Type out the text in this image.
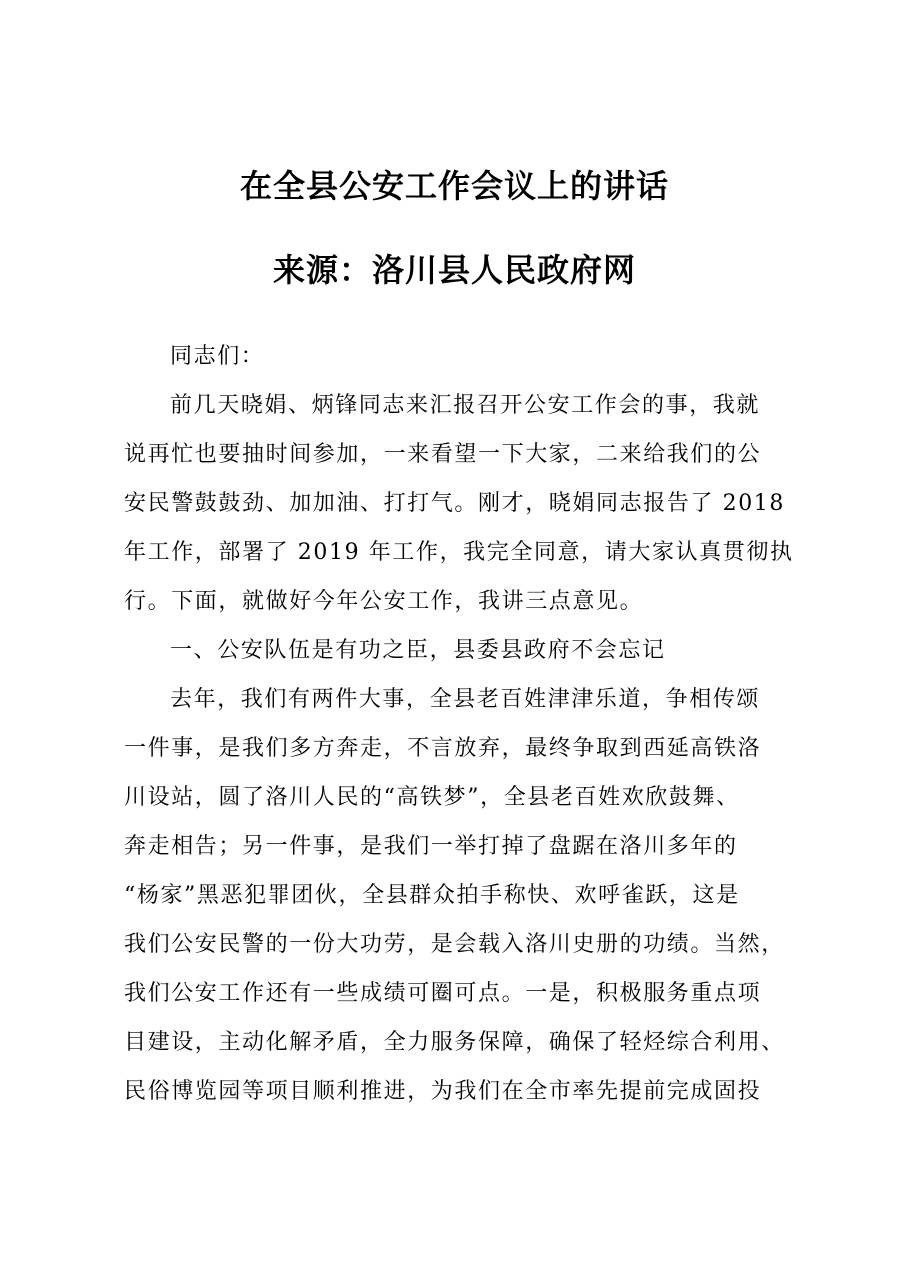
在全县公安工作会议上的讲话
来源：洛川县人民政府网
同志们：
前几天晓娟、炳锋同志来汇报召开公安工作会的事，我就
说再忙也要抽时间参加，一来看望一下大家，二来给我们的公
安民警鼓鼓劲、加加油、打打气。刚才，晓娟同志报告了 2018
年工作，部署了 2019 年工作，我完全同意，请大家认真贯彻执
行。下面，就做好今年公安工作，我讲三点意见。
一、公安队伍是有功之臣，县委县政府不会忘记
去年，我们有两件大事，全县老百姓津津乐道，争相传颂
一件事，是我们多方奔走，不言放弃，最终争取到西延高铁洛
川设站，圆了洛川人民的“高铁梦”，全县老百姓欢欣鼓舞、
奔走相告；另一件事，是我们一举打掉了盘踞在洛川多年的
“杨家”黑恶犯罪团伙，全县群众拍手称快、欢呼雀跃，这是
我们公安民警的一份大功劳，是会载入洛川史册的功绩。当然，
我们公安工作还有一些成绩可圈可点。一是，积极服务重点项
目建设，主动化解矛盾，全力服务保障，确保了轻烃综合利用、
民俗博览园等项目顺利推进，为我们在全市率先提前完成固投
